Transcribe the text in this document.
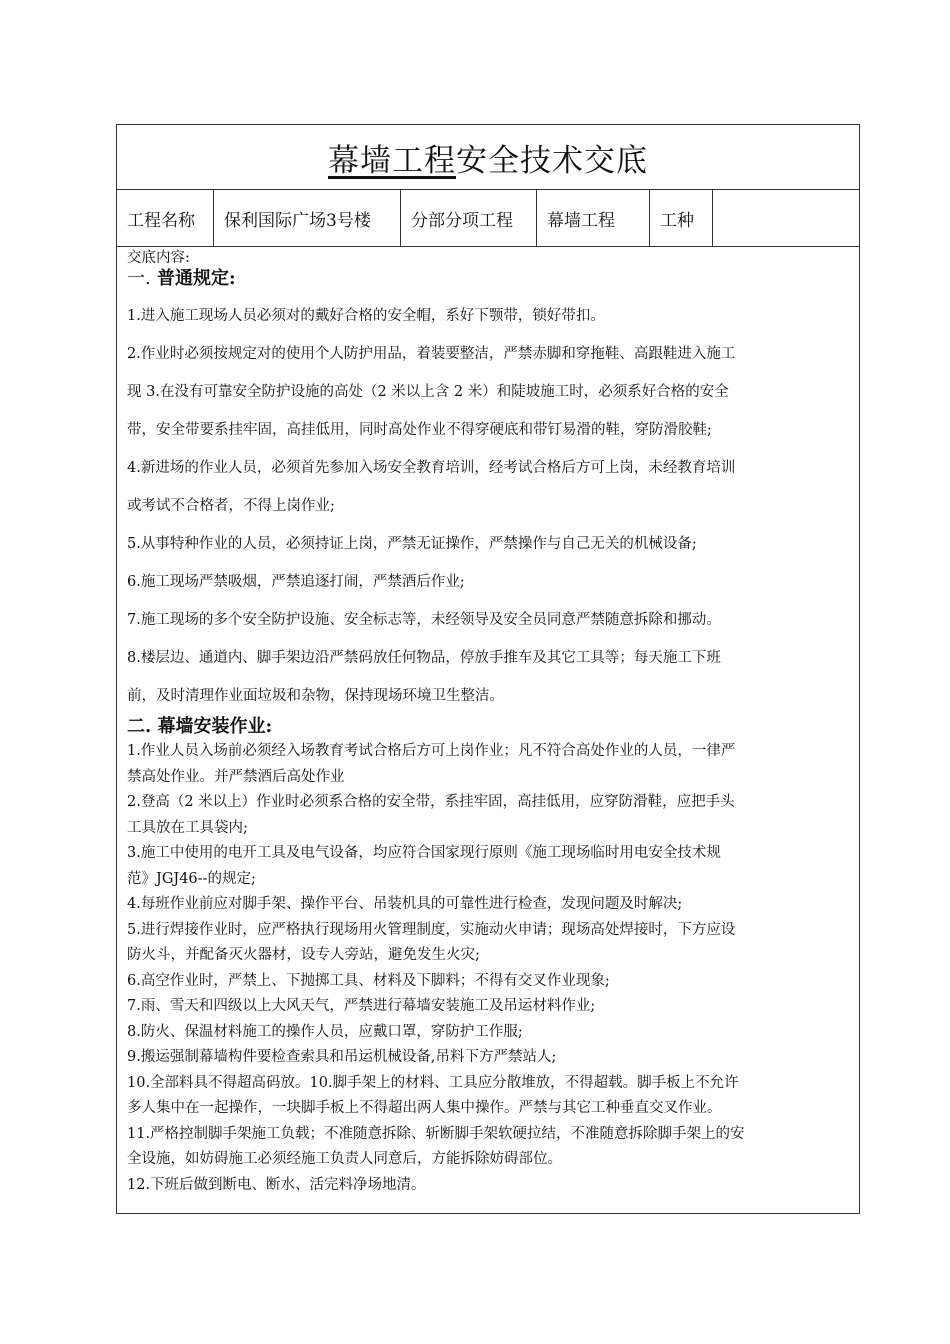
幕墙工程安全技术交底
工程名称	保利国际广场3号楼	分部分项工程	幕墙工程	工种
交底内容:
一. 普通规定:

1.进入施工现场人员必须对的戴好合格的安全帽，系好下颚带，锁好带扣。

2.作业时必须按规定对的使用个人防护用品，着装要整洁，严禁赤脚和穿拖鞋、高跟鞋进入施工

现 3.在没有可靠安全防护设施的高处（2 米以上含 2 米）和陡坡施工时，必须系好合格的安全

带，安全带要系挂牢固，高挂低用，同时高处作业不得穿硬底和带钉易滑的鞋，穿防滑胶鞋;

4.新进场的作业人员，必须首先参加入场安全教育培训，经考试合格后方可上岗，未经教育培训

或考试不合格者，不得上岗作业;

5.从事特种作业的人员，必须持证上岗，严禁无证操作，严禁操作与自己无关的机械设备;

6.施工现场严禁吸烟，严禁追逐打闹，严禁酒后作业;

7.施工现场的多个安全防护设施、安全标志等，未经领导及安全员同意严禁随意拆除和挪动。

8.楼层边、通道内、脚手架边沿严禁码放任何物品，停放手推车及其它工具等；每天施工下班

前，及时清理作业面垃圾和杂物，保持现场环境卫生整洁。

二. 幕墙安装作业:

1.作业人员入场前必须经入场教育考试合格后方可上岗作业；凡不符合高处作业的人员，一律严

禁高处作业。并严禁酒后高处作业

2.登高（2 米以上）作业时必须系合格的安全带，系挂牢固，高挂低用，应穿防滑鞋，应把手头

工具放在工具袋内;

3.施工中使用的电开工具及电气设备，均应符合国家现行原则《施工现场临时用电安全技术规

范》JGJ46--的规定;

4.每班作业前应对脚手架、操作平台、吊装机具的可靠性进行检查，发现问题及时解决;

5.进行焊接作业时，应严格执行现场用火管理制度，实施动火申请；现场高处焊接时，下方应设

防火斗，并配备灭火器材，设专人旁站，避免发生火灾;

6.高空作业时，严禁上、下抛掷工具、材料及下脚料；不得有交叉作业现象;

7.雨、雪天和四级以上大风天气，严禁进行幕墙安装施工及吊运材料作业;

8.防火、保温材料施工的操作人员，应戴口罩，穿防护工作服;

9.搬运强制幕墙构件要检查索具和吊运机械设备,吊料下方严禁站人;

10.全部料具不得超高码放。10.脚手架上的材料、工具应分散堆放，不得超载。脚手板上不允许

多人集中在一起操作，一块脚手板上不得超出两人集中操作。严禁与其它工种垂直交叉作业。

11.严格控制脚手架施工负载；不准随意拆除、斩断脚手架软硬拉结，不准随意拆除脚手架上的安

全设施，如妨碍施工必须经施工负责人同意后，方能拆除妨碍部位。

12.下班后做到断电、断水、活完料净场地清。
